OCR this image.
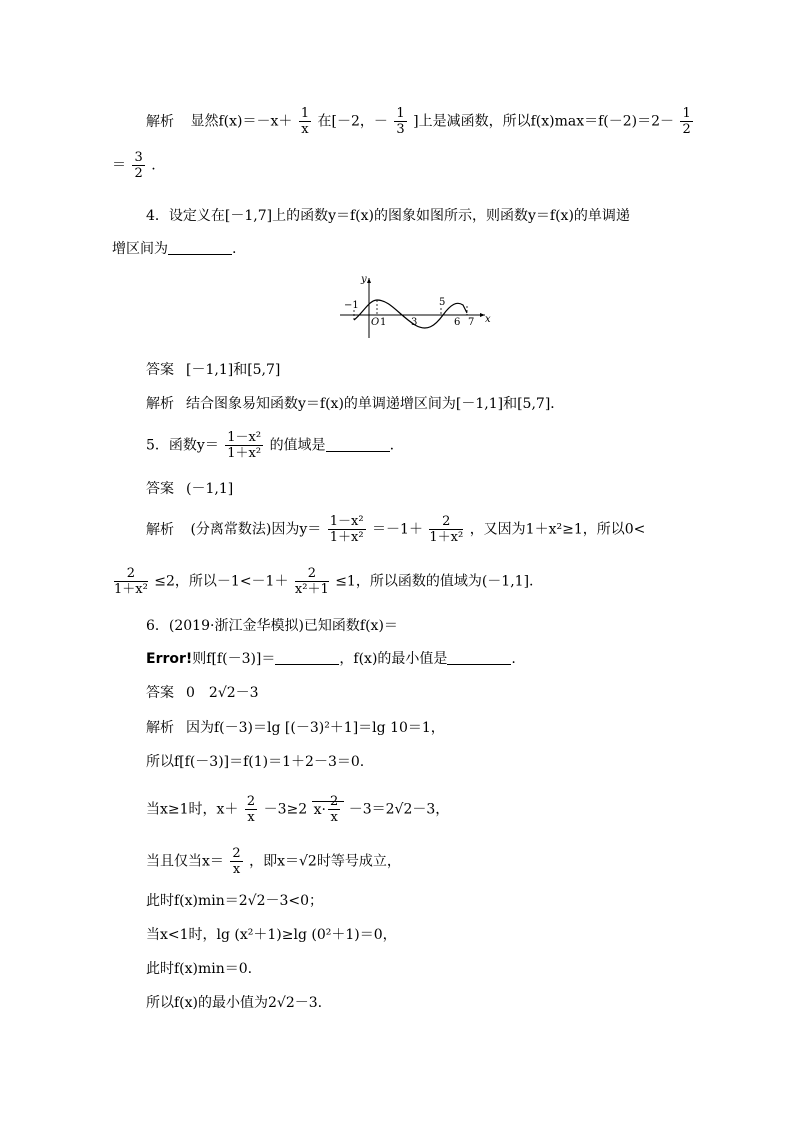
解析 显然$f(x)=-x+ \frac{1}{x}$ 在[－2，－ $\frac{1}{3}$ ]上是减函数，所以$f(x)\max=f(-2)=2- \frac{1}{2}$
＝ $\frac{3}{2}$ .
4．设定义在[－1,7]上的函数y＝f(x)的图象如图所示，则函数y＝f(x)的单调递
增区间为	.
y
x
−1
O 1 3
5
6 7
答案 [－1,1]和[5,7]
解析 结合图象易知函数y＝f(x)的单调递增区间为[－1,1]和[5,7]．
5．函数$y= \frac{\text{1－x²}}{\text{1＋x²}}$ 的值域是	.
答案 (－1,1]
解析 (分离常数法)因为$y= \frac{\text{1－x²}}{\text{1＋x²}} =-1+ \frac{2}{\text{1＋x²}}$ ，又因为1＋x²≥1，所以0<
$\frac{2}{\text{1＋x²}} \le 2$，所以$-1<-1+ \frac{2}{\text{x²＋1}} \le 1$，所以函数的值域为(－1,1].
6．(2019·浙江金华模拟)已知函数f(x)＝
Error!则f[f(－3)]＝	，f(x)的最小值是	.
答案 0　2√2－3
解析 因为f(－3)＝lg [(－3)²＋1]＝lg 10＝1，
所以f[f(－3)]＝f(1)＝1＋2－3＝0.
当x≥1时，$x+ \frac{2}{x} -3\ge 2$ $x\cdot \frac{2}{x} -3=2√2-3$，
当且仅当$x= \frac{2}{x}$ ，即x＝√2时等号成立，
此时f(x)min＝2√2－3<0；
当x<1时，lg (x²＋1)≥lg (0²＋1)＝0，
此时f(x)min＝0.
所以f(x)的最小值为2√2－3.
